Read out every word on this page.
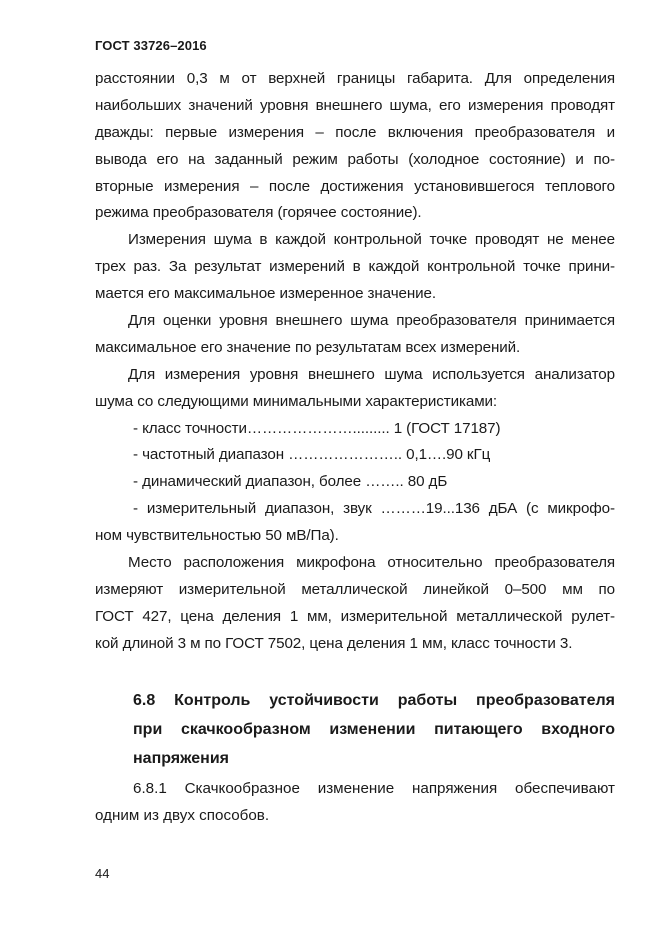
ГОСТ 33726–2016
расстоянии 0,3 м от верхней границы габарита. Для определения
наибольших значений уровня внешнего шума, его измерения проводят
дважды: первые измерения – после включения преобразователя и
вывода его на заданный режим работы (холодное состояние) и по-
вторные измерения – после достижения установившегося теплового
режима преобразователя (горячее состояние).
Измерения шума в каждой контрольной точке проводят не менее
трех раз. За результат измерений в каждой контрольной точке прини-
мается его максимальное измеренное значение.
Для оценки уровня внешнего шума преобразователя принимается
максимальное его значение по результатам всех измерений.
Для измерения уровня внешнего шума используется анализатор
шума со следующими минимальными характеристиками:
- класс точности…………………......... 1 (ГОСТ 17187)
- частотный диапазон ………………….. 0,1….90 кГц
- динамический диапазон, более …….. 80 дБ
- измерительный диапазон, звук ………19...136 дБА (с микрофо-
ном чувствительностью 50 мВ/Па).
Место расположения микрофона относительно преобразователя
измеряют измерительной металлической линейкой 0–500 мм по
ГОСТ 427, цена деления 1 мм, измерительной металлической рулет-
кой длиной 3 м по ГОСТ 7502, цена деления 1 мм, класс точности 3.
6.8 Контроль устойчивости работы преобразователя
при скачкообразном изменении питающего входного
напряжения
6.8.1 Скачкообразное изменение напряжения обеспечивают
одним из двух способов.
44
